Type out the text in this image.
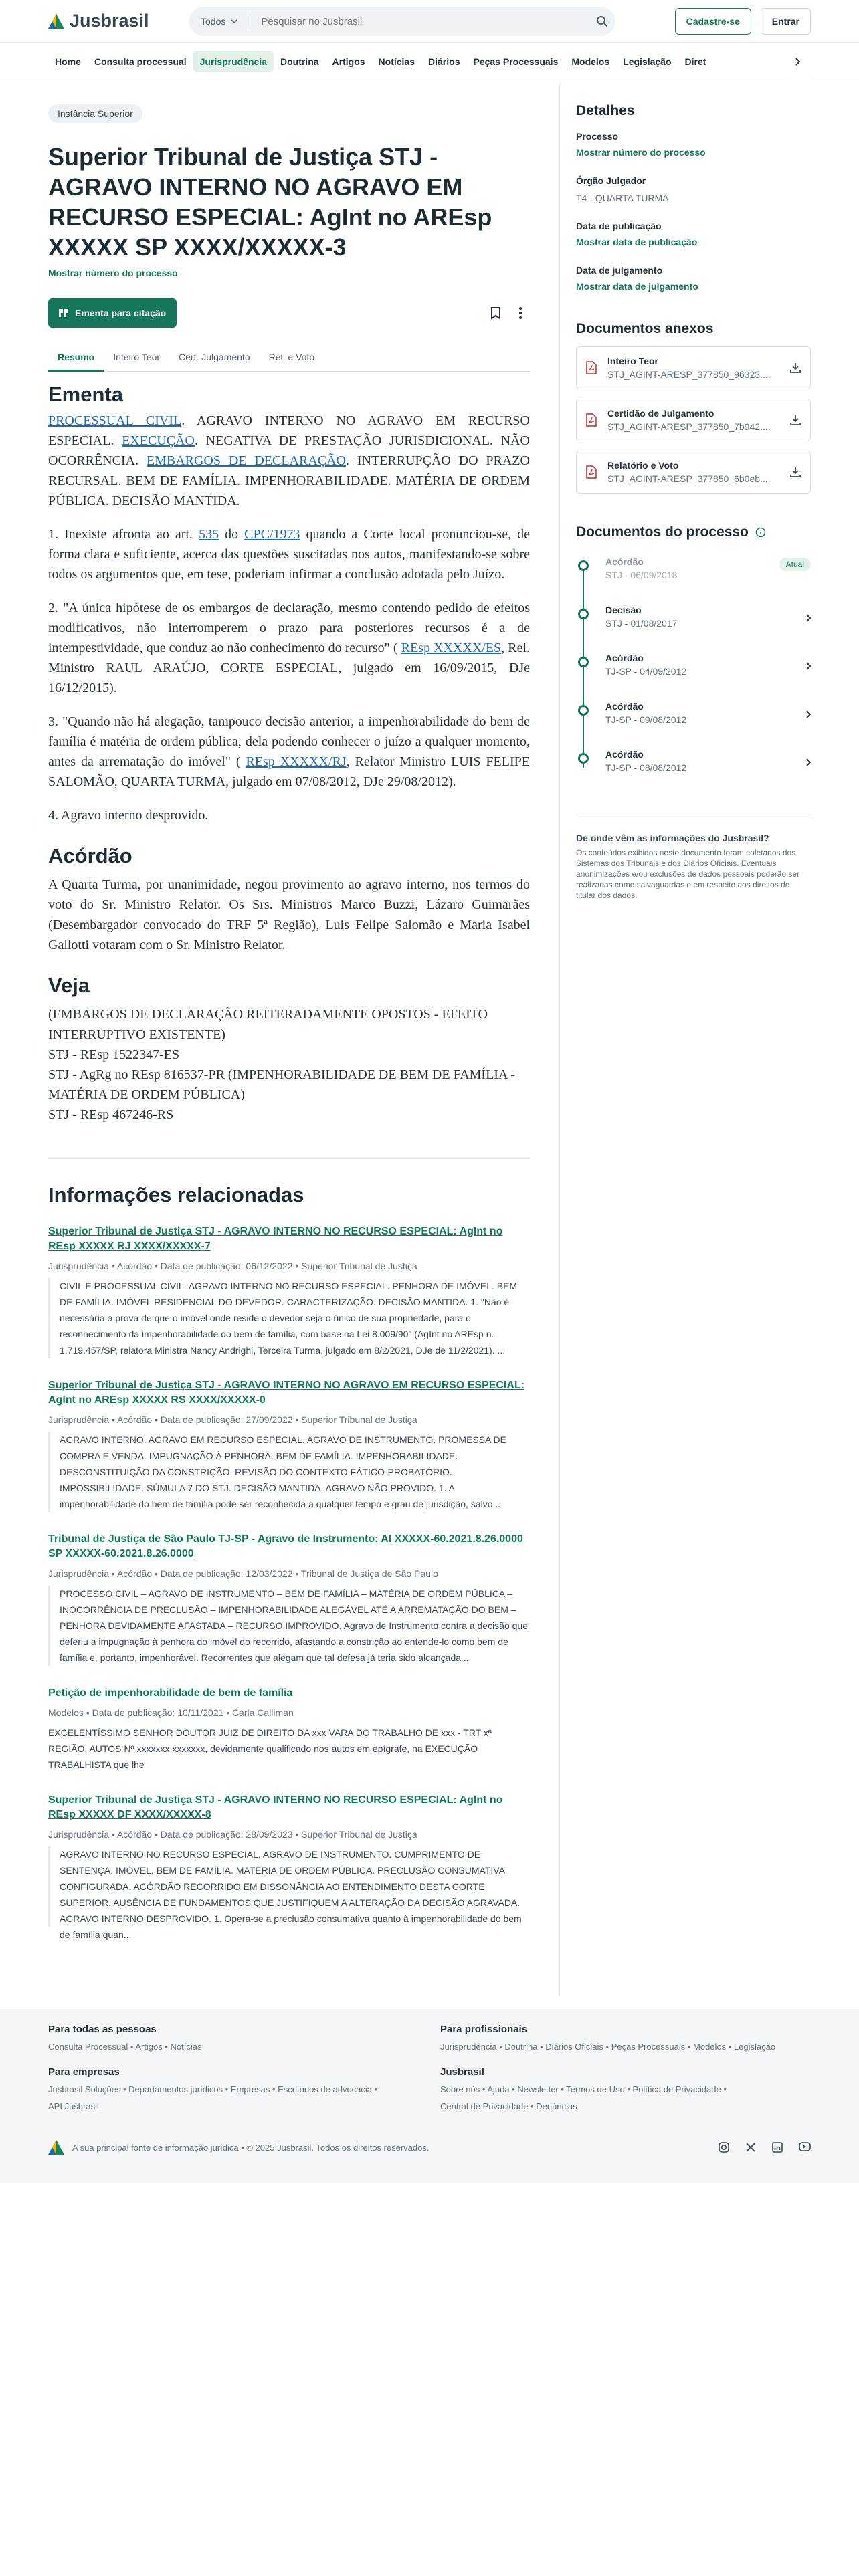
Jusbrasil	Todos
Pesquisar no Jusbrasil	Cadastre-se	Entrar
Home	Consulta processual	Jurisprudência	Doutrina	Artigos	Notícias	Diários	Peças Processuais	Modelos	Legislação	Diret
Instância Superior
Superior Tribunal de Justiça STJ - AGRAVO INTERNO NO AGRAVO EM RECURSO ESPECIAL: AgInt no AREsp XXXXX SP XXXX/XXXXX-3
Mostrar número do processo
Ementa para citação
Resumo	Inteiro Teor	Cert. Julgamento	Rel. e Voto
Ementa

PROCESSUAL CIVIL. AGRAVO INTERNO NO AGRAVO EM RECURSO ESPECIAL. EXECUÇÃO. NEGATIVA DE PRESTAÇÃO JURISDICIONAL. NÃO OCORRÊNCIA. EMBARGOS DE DECLARAÇÃO. INTERRUPÇÃO DO PRAZO RECURSAL. BEM DE FAMÍLIA. IMPENHORABILIDADE. MATÉRIA DE ORDEM PÚBLICA. DECISÃO MANTIDA.

1. Inexiste afronta ao art. 535 do CPC/1973 quando a Corte local pronunciou-se, de forma clara e suficiente, acerca das questões suscitadas nos autos, manifestando-se sobre todos os argumentos que, em tese, poderiam infirmar a conclusão adotada pelo Juízo.

2. "A única hipótese de os embargos de declaração, mesmo contendo pedido de efeitos modificativos, não interromperem o prazo para posteriores recursos é a de intempestividade, que conduz ao não conhecimento do recurso" ( REsp XXXXX/ES, Rel. Ministro RAUL ARAÚJO, CORTE ESPECIAL, julgado em 16/09/2015, DJe 16/12/2015).

3. "Quando não há alegação, tampouco decisão anterior, a impenhorabilidade do bem de família é matéria de ordem pública, dela podendo conhecer o juízo a qualquer momento, antes da arrematação do imóvel" ( REsp XXXXX/RJ, Relator Ministro LUIS FELIPE SALOMÃO, QUARTA TURMA, julgado em 07/08/2012, DJe 29/08/2012).

4. Agravo interno desprovido.

Acórdão
A Quarta Turma, por unanimidade, negou provimento ao agravo interno, nos termos do voto do Sr. Ministro Relator. Os Srs. Ministros Marco Buzzi, Lázaro Guimarães (Desembargador convocado do TRF 5ª Região), Luis Felipe Salomão e Maria Isabel Gallotti votaram com o Sr. Ministro Relator.
Veja
(EMBARGOS DE DECLARAÇÃO REITERADAMENTE OPOSTOS - EFEITO INTERRUPTIVO EXISTENTE)
STJ - REsp 1522347-ES
STJ - AgRg no REsp 816537-PR (IMPENHORABILIDADE DE BEM DE FAMÍLIA - MATÉRIA DE ORDEM PÚBLICA)
STJ - REsp 467246-RS
Informações relacionadas
Superior Tribunal de Justiça STJ - AGRAVO INTERNO NO RECURSO ESPECIAL: AgInt no REsp XXXXX RJ XXXX/XXXXX-7
Jurisprudência • Acórdão • Data de publicação: 06/12/2022 • Superior Tribunal de Justiça
CIVIL E PROCESSUAL CIVIL. AGRAVO INTERNO NO RECURSO ESPECIAL. PENHORA DE IMÓVEL. BEM DE FAMÍLIA. IMÓVEL RESIDENCIAL DO DEVEDOR. CARACTERIZAÇÃO. DECISÃO MANTIDA. 1. "Não é necessária a prova de que o imóvel onde reside o devedor seja o único de sua propriedade, para o reconhecimento da impenhorabilidade do bem de família, com base na Lei 8.009/90" (AgInt no AREsp n. 1.719.457/SP, relatora Ministra Nancy Andrighi, Terceira Turma, julgado em 8/2/2021, DJe de 11/2/2021). ...
Superior Tribunal de Justiça STJ - AGRAVO INTERNO NO AGRAVO EM RECURSO ESPECIAL: AgInt no AREsp XXXXX RS XXXX/XXXXX-0
Jurisprudência • Acórdão • Data de publicação: 27/09/2022 • Superior Tribunal de Justiça
AGRAVO INTERNO. AGRAVO EM RECURSO ESPECIAL. AGRAVO DE INSTRUMENTO. PROMESSA DE COMPRA E VENDA. IMPUGNAÇÃO À PENHORA. BEM DE FAMÍLIA. IMPENHORABILIDADE. DESCONSTITUIÇÃO DA CONSTRIÇÃO. REVISÃO DO CONTEXTO FÁTICO-PROBATÓRIO. IMPOSSIBILIDADE. SÚMULA 7 DO STJ. DECISÃO MANTIDA. AGRAVO NÃO PROVIDO. 1. A impenhorabilidade do bem de família pode ser reconhecida a qualquer tempo e grau de jurisdição, salvo...
Tribunal de Justiça de São Paulo TJ-SP - Agravo de Instrumento: AI XXXXX-60.2021.8.26.0000 SP XXXXX-60.2021.8.26.0000
Jurisprudência • Acórdão • Data de publicação: 12/03/2022 • Tribunal de Justiça de São Paulo
PROCESSO CIVIL – AGRAVO DE INSTRUMENTO – BEM DE FAMÍLIA – MATÉRIA DE ORDEM PÚBLICA – INOCORRÊNCIA DE PRECLUSÃO – IMPENHORABILIDADE ALEGÁVEL ATÉ A ARREMATAÇÃO DO BEM – PENHORA DEVIDAMENTE AFASTADA – RECURSO IMPROVIDO. Agravo de Instrumento contra a decisão que deferiu a impugnação à penhora do imóvel do recorrido, afastando a constrição ao entende-lo como bem de família e, portanto, impenhorável. Recorrentes que alegam que tal defesa já teria sido alcançada...
Petição de impenhorabilidade de bem de família
Modelos • Data de publicação: 10/11/2021 • Carla Calliman
EXCELENTÍSSIMO SENHOR DOUTOR JUIZ DE DIREITO DA xxx VARA DO TRABALHO DE xxx - TRT xª REGIÃO. AUTOS Nº xxxxxxx xxxxxxx, devidamente qualificado nos autos em epígrafe, na EXECUÇÃO TRABALHISTA que lhe
Superior Tribunal de Justiça STJ - AGRAVO INTERNO NO RECURSO ESPECIAL: AgInt no REsp XXXXX DF XXXX/XXXXX-8
Jurisprudência • Acórdão • Data de publicação: 28/09/2023 • Superior Tribunal de Justiça
AGRAVO INTERNO NO RECURSO ESPECIAL. AGRAVO DE INSTRUMENTO. CUMPRIMENTO DE SENTENÇA. IMÓVEL. BEM DE FAMÍLIA. MATÉRIA DE ORDEM PÚBLICA. PRECLUSÃO CONSUMATIVA CONFIGURADA. ACÓRDÃO RECORRIDO EM DISSONÂNCIA AO ENTENDIMENTO DESTA CORTE SUPERIOR. AUSÊNCIA DE FUNDAMENTOS QUE JUSTIFIQUEM A ALTERAÇÃO DA DECISÃO AGRAVADA. AGRAVO INTERNO DESPROVIDO. 1. Opera-se a preclusão consumativa quanto à impenhorabilidade do bem de família quan...
Detalhes
Processo
Mostrar número do processo
Órgão Julgador
T4 - QUARTA TURMA
Data de publicação
Mostrar data de publicação
Data de julgamento
Mostrar data de julgamento
Documentos anexos
Inteiro Teor
STJ_AGINT-ARESP_377850_96323....
Certidão de Julgamento
STJ_AGINT-ARESP_377850_7b942....
Relatório e Voto
STJ_AGINT-ARESP_377850_6b0eb....
Documentos do processo
Acórdão
STJ - 06/09/2018
Atual
Decisão
STJ - 01/08/2017
Acórdão
TJ-SP - 04/09/2012
Acórdão
TJ-SP - 09/08/2012
Acórdão
TJ-SP - 08/08/2012
De onde vêm as informações do Jusbrasil?
Os conteúdos exibidos neste documento foram coletados dos Sistemas dos Tribunais e dos Diários Oficiais. Eventuais anonimizações e/ou exclusões de dados pessoais poderão ser realizadas como salvaguardas e em respeito aos direitos do titular dos dados.
Para todas as pessoas
Consulta Processual • Artigos • Notícias
Para empresas
Jusbrasil Soluções • Departamentos jurídicos • Empresas • Escritórios de advocacia •
API Jusbrasil
Para profissionais
Jurisprudência • Doutrina • Diários Oficiais • Peças Processuais • Modelos • Legislação
Jusbrasil
Sobre nós • Ajuda • Newsletter • Termos de Uso • Política de Privacidade •
Central de Privacidade • Denúncias
A sua principal fonte de informação jurídica • © 2025 Jusbrasil. Todos os direitos reservados.
